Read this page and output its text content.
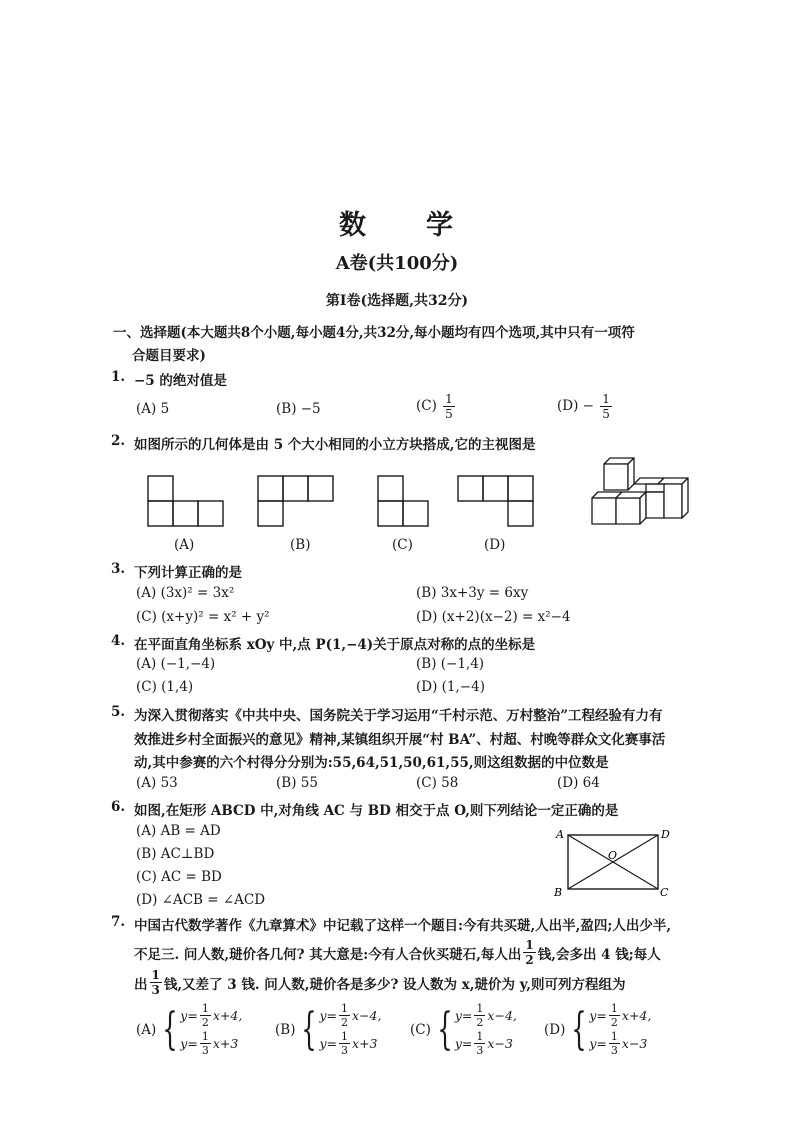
数　　学
A卷(共100分)
第Ⅰ卷(选择题,共32分)
一、选择题(本大题共8个小题,每小题4分,共32分,每小题均有四个选项,其中只有一项符
合题目要求)
1. −5 的绝对值是
(A) 5	(B) −5	$(C) \frac{1}{5}$	$(D) - \frac{1}{5}$
2. 如图所示的几何体是由 5 个大小相同的小立方块搭成,它的主视图是
(A)	(B)	(C)	(D)
3. 下列计算正确的是
(A) (3x)² = 3x²	(B) 3x+3y = 6xy
(C) (x+y)² = x² + y²	(D) (x+2)(x−2) = x²−4
4. 在平面直角坐标系 xOy 中,点 P(1,−4)关于原点对称的点的坐标是
(A) (−1,−4)	(B) (−1,4)
(C) (1,4)	(D) (1,−4)
5. 为深入贯彻落实《中共中央、国务院关于学习运用“千村示范、万村整治”工程经验有力有
效推进乡村全面振兴的意见》精神,某镇组织开展“村 BA”、村超、村晚等群众文化赛事活
动,其中参赛的六个村得分分别为:55,64,51,50,61,55,则这组数据的中位数是
(A) 53	(B) 55	(C) 58	(D) 64
6. 如图,在矩形 ABCD 中,对角线 AC 与 BD 相交于点 O,则下列结论一定正确的是
(A) AB = AD
(B) AC⊥BD
(C) AC = BD
(D) ∠ACB = ∠ACD
A	D
B	C
O
7. 中国古代数学著作《九章算术》中记载了这样一个题目:今有共买琎,人出半,盈四;人出少半,
不足三. 问人数,琎价各几何? 其大意是:今有人合伙买琎石,每人出 $\frac{1}{2}$ 钱,会多出 4 钱;每人
出 $\frac{1}{3}$ 钱,又差了 3 钱. 问人数,琎价各是多少? 设人数为 x,琎价为 y,则可列方程组为
(A) { $y= \frac{1}{2} x+4$,
$y= \frac{1}{3} x+3$
(B) { $y= \frac{1}{2} x-4$,
$y= \frac{1}{3} x+3$
(C) { $y= \frac{1}{2} x-4$,
$y= \frac{1}{3} x-3$
(D) { $y= \frac{1}{2} x+4$,
$y= \frac{1}{3} x-3$
